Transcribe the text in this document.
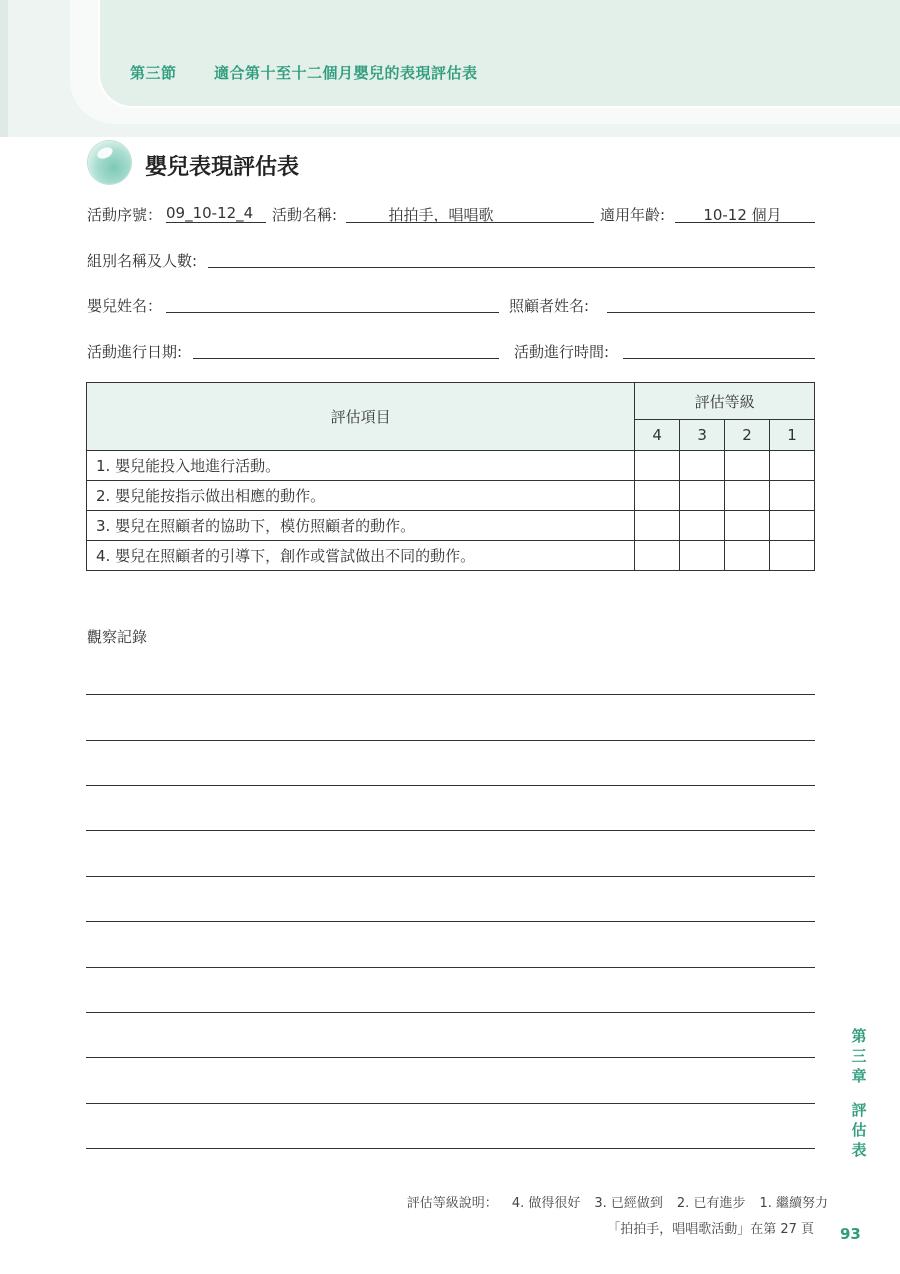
第三節 適合第十至十二個月嬰兒的表現評估表
嬰兒表現評估表
活動序號： 09_10-12_4	活動名稱:	拍拍手，唱唱歌	適用年齡:	10-12 個月
組別名稱及人數:
嬰兒姓名：	照顧者姓名:
活動進行日期:	活動進行時間:
評估項目	評估等級			
	4	3	2	1
1. 嬰兒能投入地進行活動。				
2. 嬰兒能按指示做出相應的動作。				
3. 嬰兒在照顧者的協助下，模仿照顧者的動作。				
4. 嬰兒在照顧者的引導下，創作或嘗試做出不同的動作。				
觀察記錄
第
三
章
評
估
表
評估等級說明： 4. 做得很好 3. 已經做到 2. 已有進步 1. 繼續努力
「拍拍手，唱唱歌活動」在第 27 頁 93
